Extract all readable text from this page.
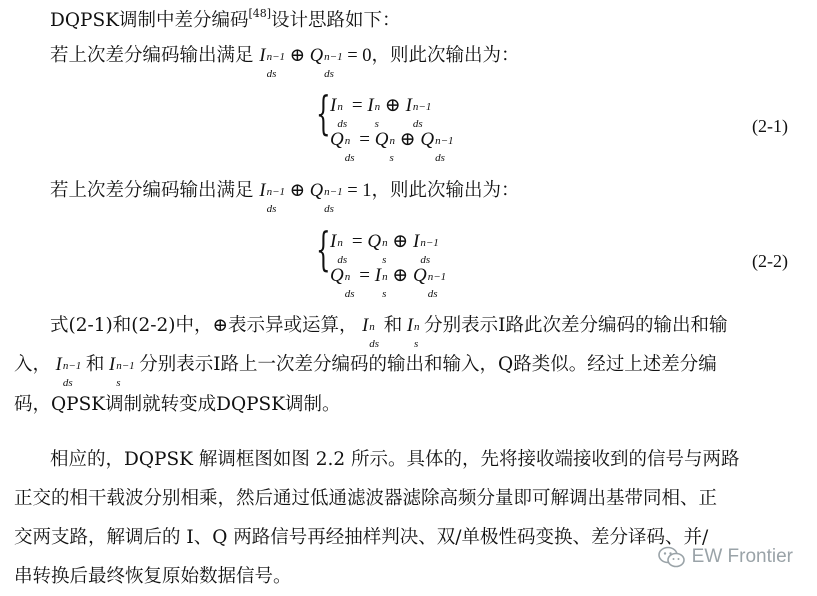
DQPSK调制中差分编码[48]设计思路如下：
若上次差分编码输出满足 I n−1
ds
⊕ Q n−1
ds
= 0，则此次输出为：
{ I n
ds
= I n
s
⊕ I n−1
ds
Q n
ds
= Q n
s
⊕ Q n−1
ds
(2-1)
若上次差分编码输出满足 I n−1
ds
⊕ Q n−1
ds
= 1，则此次输出为：
{ I n
ds
= Q n
s
⊕ I n−1
ds
Q n
ds
= I n
s
⊕ Q n−1
ds
(2-2)
式(2-1)和(2-2)中，⊕表示异或运算， I n
ds
和 I n
s
分别表示I路此次差分编码的输出和输
入， I n−1
ds
和 I n−1
s
分别表示I路上一次差分编码的输出和输入，Q路类似。经过上述差分编
码，QPSK调制就转变成DQPSK调制。
相应的，DQPSK 解调框图如图 2.2 所示。具体的，先将接收端接收到的信号与两路
正交的相干载波分别相乘，然后通过低通滤波器滤除高频分量即可解调出基带同相、正
交两支路，解调后的 I、Q 两路信号再经抽样判决、双/单极性码变换、差分译码、并/
串转换后最终恢复原始数据信号。
EW Frontier
